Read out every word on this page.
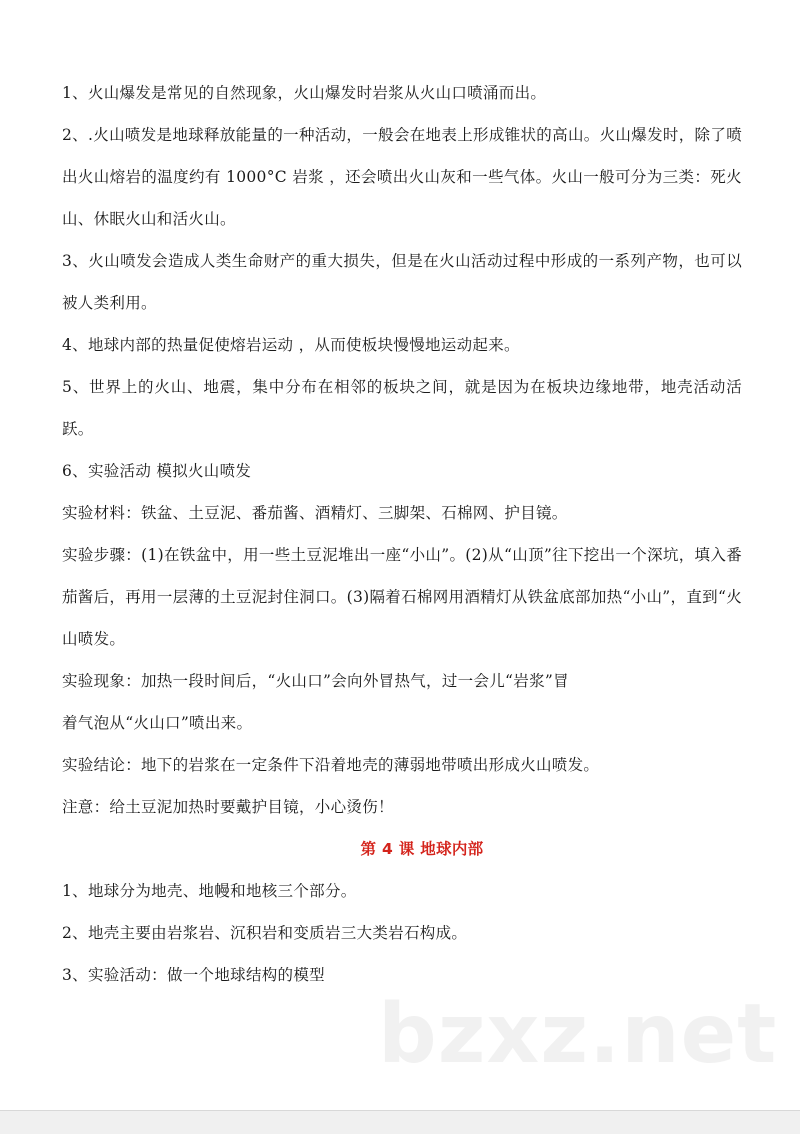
1、火山爆发是常见的自然现象，火山爆发时岩浆从火山口喷涌而出。

2、.火山喷发是地球释放能量的一种活动，一般会在地表上形成锥状的高山。火山爆发时，除了喷出火山熔岩的温度约有 1000°C 岩浆 ，还会喷出火山灰和一些气体。火山一般可分为三类：死火山、休眠火山和活火山。

3、火山喷发会造成人类生命财产的重大损失，但是在火山活动过程中形成的一系列产物，也可以被人类利用。

4、地球内部的热量促使熔岩运动 ，从而使板块慢慢地运动起来。

5、世界上的火山、地震，集中分布在相邻的板块之间，就是因为在板块边缘地带，地壳活动活跃。

6、实验活动 模拟火山喷发

实验材料：铁盆、土豆泥、番茄酱、酒精灯、三脚架、石棉网、护目镜。

实验步骤：(1)在铁盆中，用一些土豆泥堆出一座“小山”。(2)从“山顶”往下挖出一个深坑，填入番茄酱后，再用一层薄的土豆泥封住洞口。(3)隔着石棉网用酒精灯从铁盆底部加热“小山”，直到“火山喷发。

实验现象：加热一段时间后，“火山口”会向外冒热气，过一会儿“岩浆”冒

着气泡从“火山口”喷出来。

实验结论：地下的岩浆在一定条件下沿着地壳的薄弱地带喷出形成火山喷发。

注意：给土豆泥加热时要戴护目镜，小心烫伤！

第 4 课 地球内部

1、地球分为地壳、地幔和地核三个部分。

2、地壳主要由岩浆岩、沉积岩和变质岩三大类岩石构成。

3、实验活动：做一个地球结构的模型

bzxz.net
